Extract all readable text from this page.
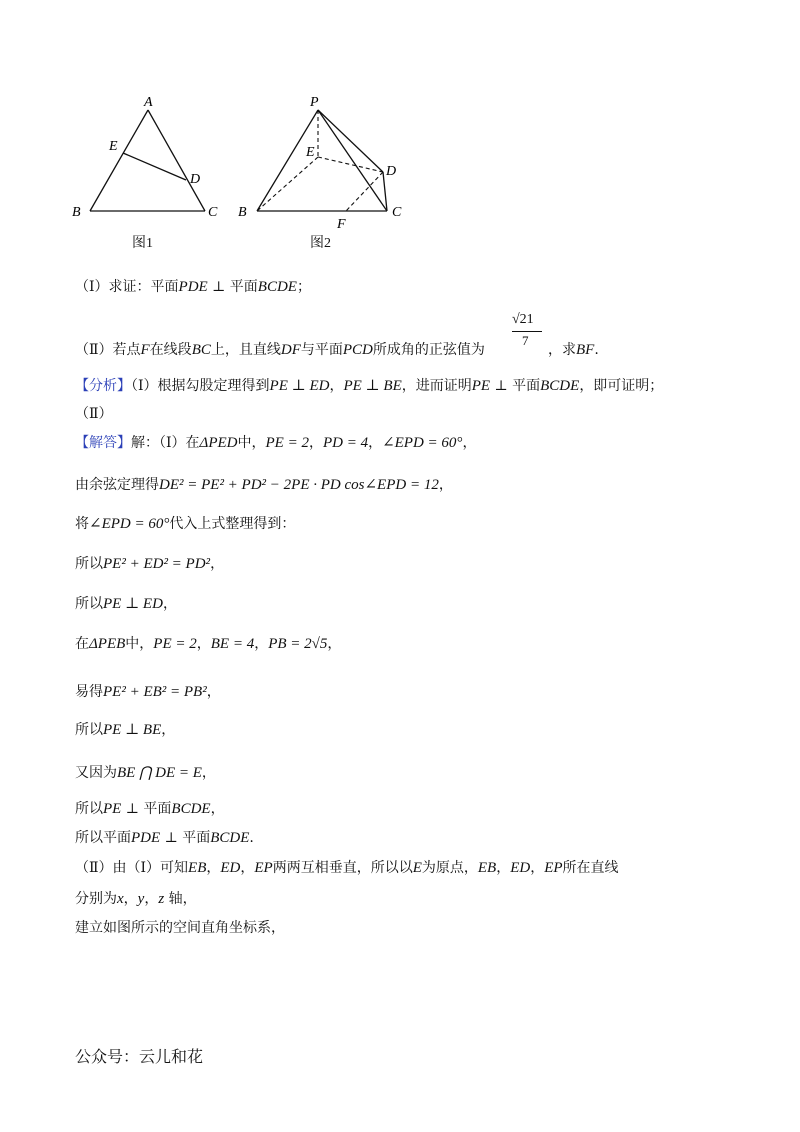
A
E
D
B	C
图1
P
E
D
B	C
F
图2
（Ⅰ）求证：平面PDE ⊥ 平面BCDE；
（Ⅱ）若点F在线段BC上，且直线DF与平面PCD所成角的正弦值为
√21
7
，求BF.
【分析】（Ⅰ）根据勾股定理得到PE ⊥ ED，PE ⊥ BE，进而证明PE ⊥ 平面BCDE，即可证明；
（Ⅱ）
【解答】解：（Ⅰ）在ΔPED中，PE = 2，PD = 4，∠EPD = 60°，
由余弦定理得DE² = PE² + PD² − 2PE · PD cos∠EPD = 12，
将∠EPD = 60°代入上式整理得到：
所以PE² + ED² = PD²，
所以PE ⊥ ED，
在ΔPEB中，PE = 2，BE = 4，PB = 2√5，
易得PE² + EB² = PB²，
所以PE ⊥ BE，
又因为BE ⋂ DE = E，
所以PE ⊥ 平面BCDE，
所以平面PDE ⊥ 平面BCDE.
（Ⅱ）由（Ⅰ）可知EB，ED，EP两两互相垂直，所以以E为原点，EB，ED，EP所在直线
分别为x，y，z 轴，
建立如图所示的空间直角坐标系，
公众号：云儿和花
